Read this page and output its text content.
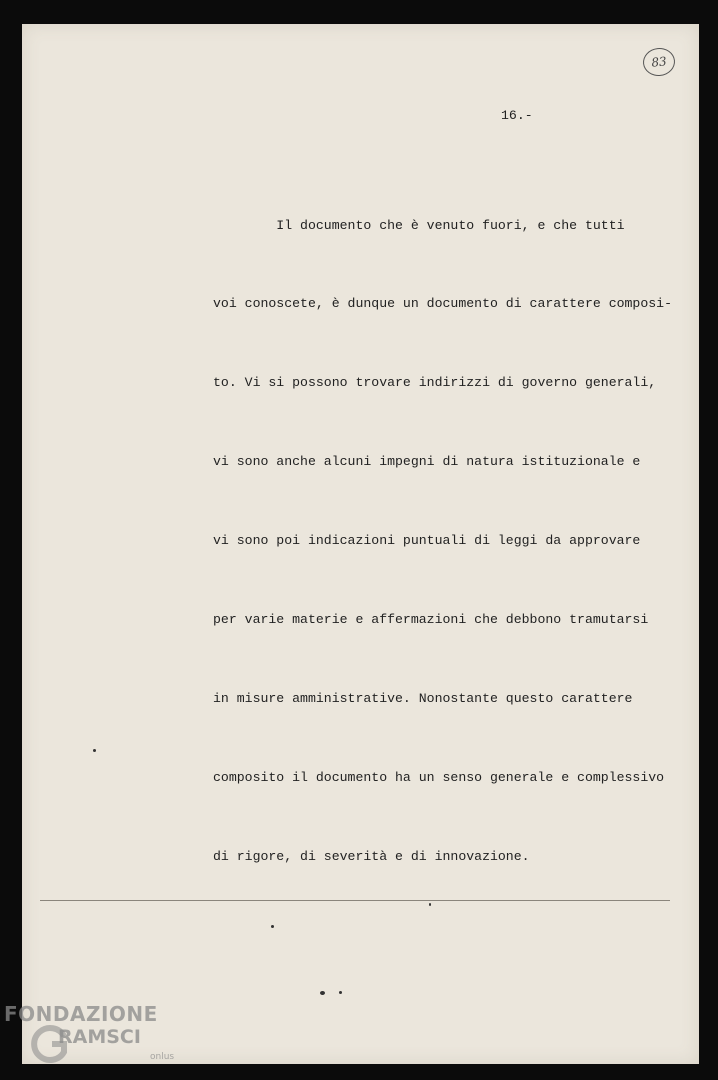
83
16.-

Il documento che è venuto fuori, e che tutti

voi conoscete, è dunque un documento di carattere composi-

to. Vi si possono trovare indirizzi di governo generali,

vi sono anche alcuni impegni di natura istituzionale e

vi sono poi indicazioni puntuali di leggi da approvare

per varie materie e affermazioni che debbono tramutarsi

in misure amministrative. Nonostante questo carattere

composito il documento ha un senso generale e complessivo

di rigore, di severità e di innovazione.

FONDAZIONE
RAMSCI
onlus
